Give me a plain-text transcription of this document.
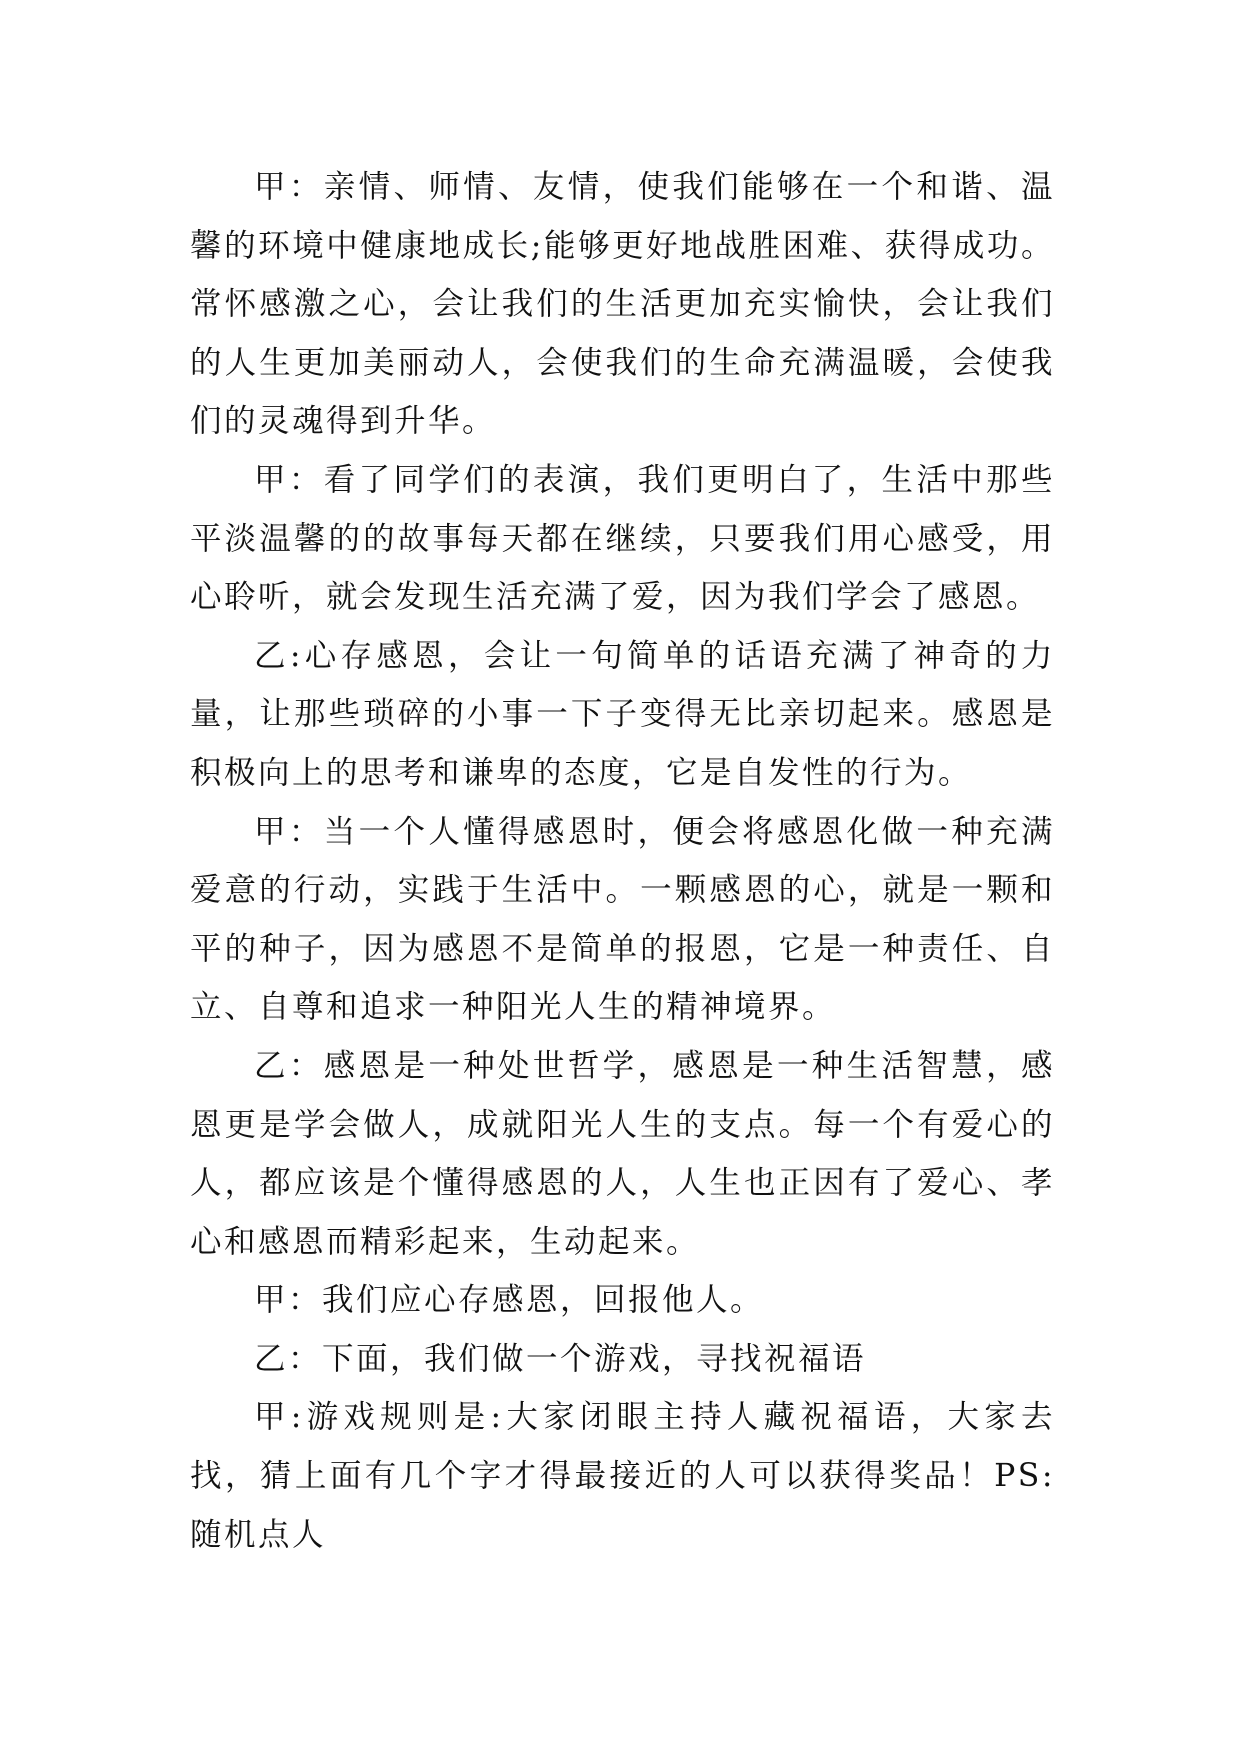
甲：亲情、师情、友情，使我们能够在一个和谐、温馨的环境中健康地成长;能够更好地战胜困难、获得成功。常怀感激之心，会让我们的生活更加充实愉快，会让我们的人生更加美丽动人，会使我们的生命充满温暖，会使我们的灵魂得到升华。

甲：看了同学们的表演，我们更明白了，生活中那些平淡温馨的的故事每天都在继续，只要我们用心感受，用心聆听，就会发现生活充满了爱，因为我们学会了感恩。

乙:心存感恩，会让一句简单的话语充满了神奇的力量，让那些琐碎的小事一下子变得无比亲切起来。感恩是积极向上的思考和谦卑的态度，它是自发性的行为。

甲：当一个人懂得感恩时，便会将感恩化做一种充满爱意的行动，实践于生活中。一颗感恩的心，就是一颗和平的种子，因为感恩不是简单的报恩，它是一种责任、自立、自尊和追求一种阳光人生的精神境界。

乙：感恩是一种处世哲学，感恩是一种生活智慧，感恩更是学会做人，成就阳光人生的支点。每一个有爱心的人，都应该是个懂得感恩的人，人生也正因有了爱心、孝心和感恩而精彩起来，生动起来。

甲：我们应心存感恩，回报他人。

乙：下面，我们做一个游戏，寻找祝福语

甲:游戏规则是:大家闭眼主持人藏祝福语，大家去找，猜上面有几个字才得最接近的人可以获得奖品！PS:随机点人
